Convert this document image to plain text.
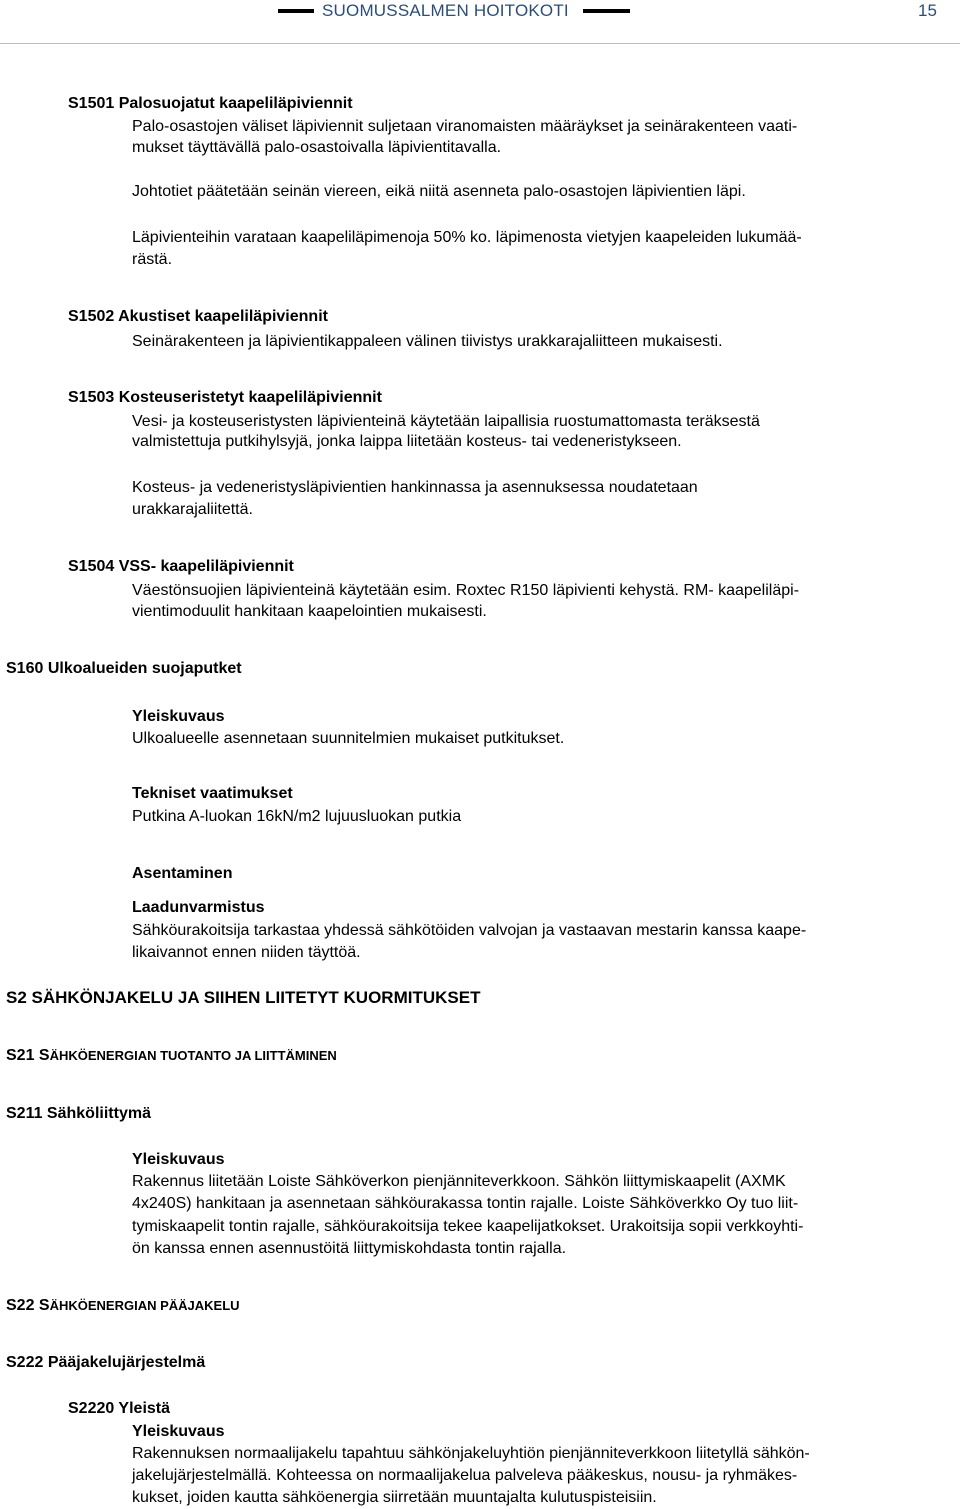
SUOMUSSALMEN HOITOKOTI	15
S1501 Palosuojatut kaapeliläpiviennit
Palo-osastojen väliset läpiviennit suljetaan viranomaisten määräykset ja seinärakenteen vaati-
mukset täyttävällä palo-osastoivalla läpivientitavalla.
Johtotiet päätetään seinän viereen, eikä niitä asenneta palo-osastojen läpivientien läpi.
Läpivienteihin varataan kaapeliläpimenoja 50% ko. läpimenosta vietyjen kaapeleiden lukumää-
rästä.
S1502 Akustiset kaapeliläpiviennit
Seinärakenteen ja läpivientikappaleen välinen tiivistys urakkarajaliitteen mukaisesti.
S1503 Kosteuseristetyt kaapeliläpiviennit
Vesi- ja kosteuseristysten läpivienteinä käytetään laipallisia ruostumattomasta teräksestä
valmistettuja putkihylsyjä, jonka laippa liitetään kosteus- tai vedeneristykseen.
Kosteus- ja vedeneristysläpivientien hankinnassa ja asennuksessa noudatetaan
urakkarajaliitettä.
S1504 VSS- kaapeliläpiviennit
Väestönsuojien läpivienteinä käytetään esim. Roxtec R150 läpivienti kehystä. RM- kaapeliläpi-
vientimoduulit hankitaan kaapelointien mukaisesti.
S160 Ulkoalueiden suojaputket
Yleiskuvaus
Ulkoalueelle asennetaan suunnitelmien mukaiset putkitukset.
Tekniset vaatimukset
Putkina A-luokan 16kN/m2 lujuusluokan putkia
Asentaminen
Laadunvarmistus
Sähköurakoitsija tarkastaa yhdessä sähkötöiden valvojan ja vastaavan mestarin kanssa kaape-
likaivannot ennen niiden täyttöä.
S2 SÄHKÖNJAKELU JA SIIHEN LIITETYT KUORMITUKSET
S21 SÄHKÖENERGIAN TUOTANTO JA LIITTÄMINEN
S211 Sähköliittymä
Yleiskuvaus
Rakennus liitetään Loiste Sähköverkon pienjänniteverkkoon. Sähkön liittymiskaapelit (AXMK
4x240S) hankitaan ja asennetaan sähköurakassa tontin rajalle. Loiste Sähköverkko Oy tuo liit-
tymiskaapelit tontin rajalle, sähköurakoitsija tekee kaapelijatkokset. Urakoitsija sopii verkkoyhti-
ön kanssa ennen asennustöitä liittymiskohdasta tontin rajalla.
S22 SÄHKÖENERGIAN PÄÄJAKELU
S222 Pääjakelujärjestelmä
S2220 Yleistä
Yleiskuvaus
Rakennuksen normaalijakelu tapahtuu sähkönjakeluyhtiön pienjänniteverkkoon liitetyllä sähkön-
jakelujärjestelmällä. Kohteessa on normaalijakelua palveleva pääkeskus, nousu- ja ryhmäkes-
kukset, joiden kautta sähköenergia siirretään muuntajalta kulutuspisteisiin.
